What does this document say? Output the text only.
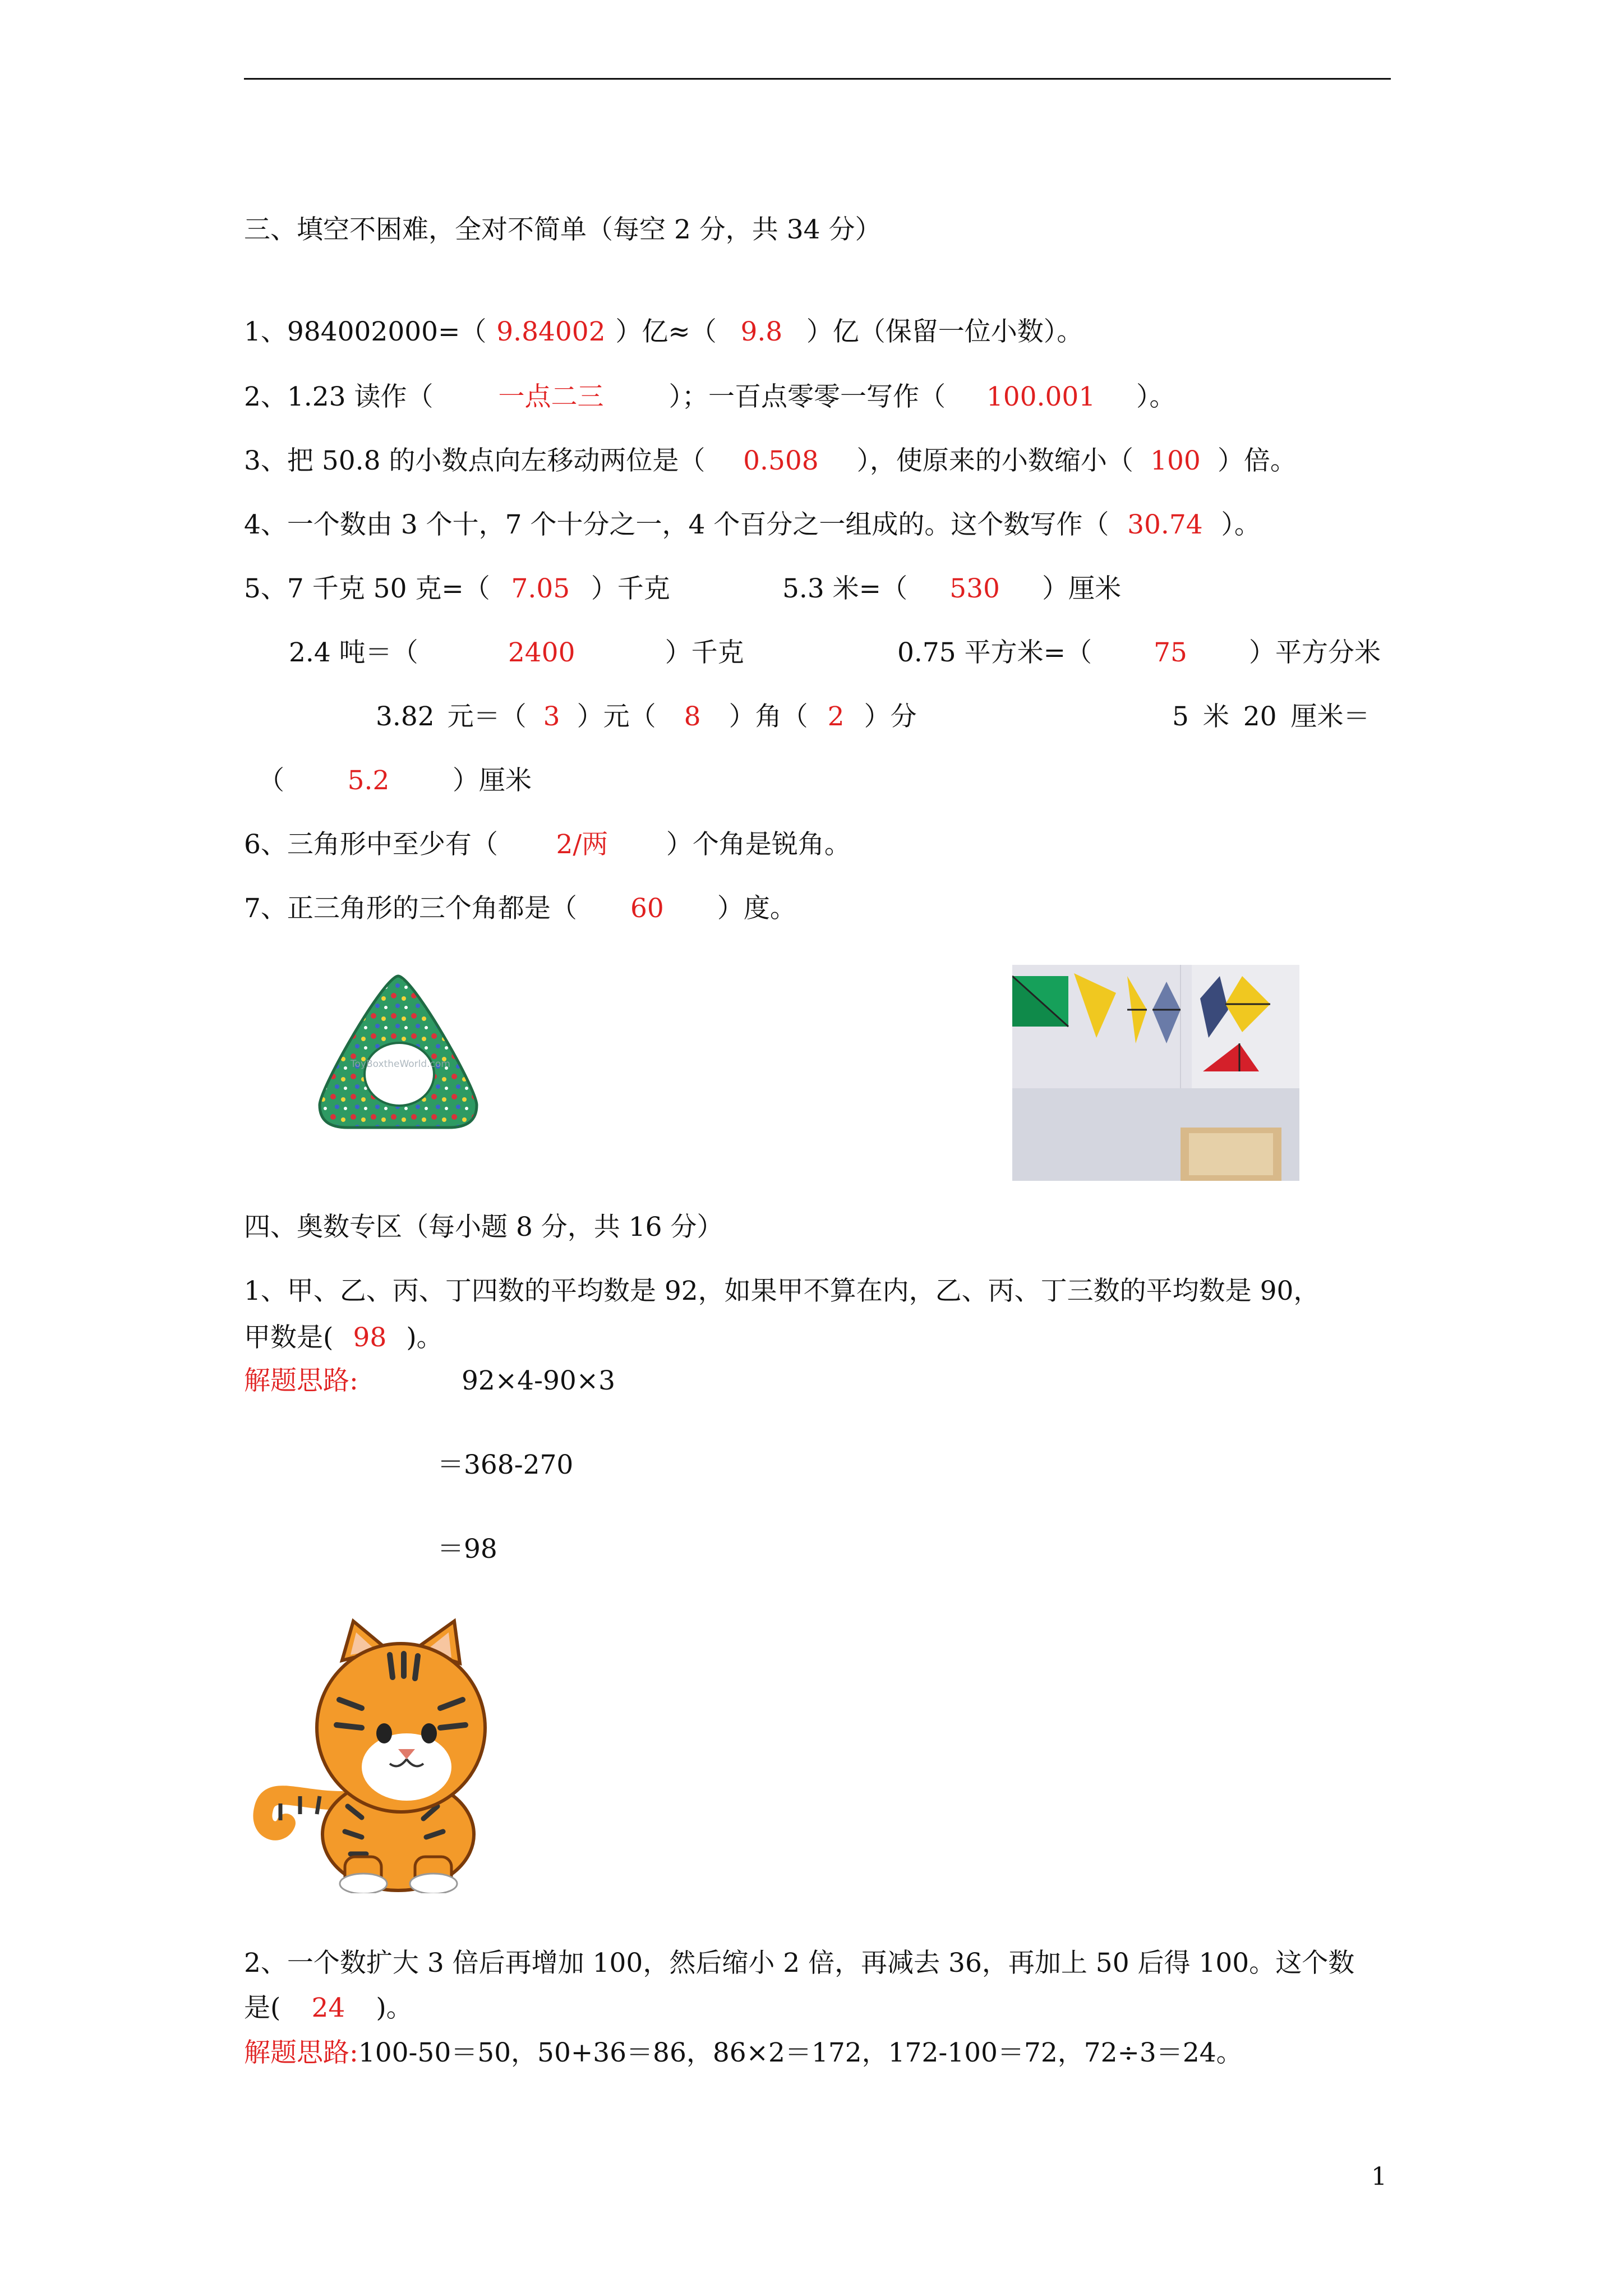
三、填空不困难，全对不简单（每空 2 分，共 34 分）
1、984002000=（ 9.84002 ）亿≈（ 9.8 ）亿（保留一位小数）。
2、1.23 读作（ 一点二三 ）；一百点零零一写作（ 100.001 ）。
3、把 50.8 的小数点向左移动两位是（ 0.508 ），使原来的小数缩小（ 100 ）倍。
4、一个数由 3 个十，7 个十分之一，4 个百分之一组成的。这个数写作（ 30.74 ）。
5、7 千克 50 克=（ 7.05 ）千克	5.3 米=（ 530 ）厘米
2.4 吨＝（	2400	）千克	0.75 平方米=（ 75 ）平方分米
3.82 元＝（ 3 ）元（ 8 ）角（ 2 ）分	5 米 20 厘米＝
（ 5.2 ）厘米
6、三角形中至少有（ 2/两 ）个角是锐角。
7、正三角形的三个角都是（ 60 ）度。
ToyBoxtheWorld.com
四、奥数专区（每小题 8 分，共 16 分）
1、甲、乙、丙、丁四数的平均数是 92，如果甲不算在内，乙、丙、丁三数的平均数是 90，
甲数是( 98 )。
解题思路:	92×4-90×3
＝368-270
＝98
2、一个数扩大 3 倍后再增加 100，然后缩小 2 倍，再减去 36，再加上 50 后得 100。这个数
是( 24 )。
解题思路:100-50＝50，50+36＝86，86×2＝172，172-100＝72，72÷3＝24。
1
